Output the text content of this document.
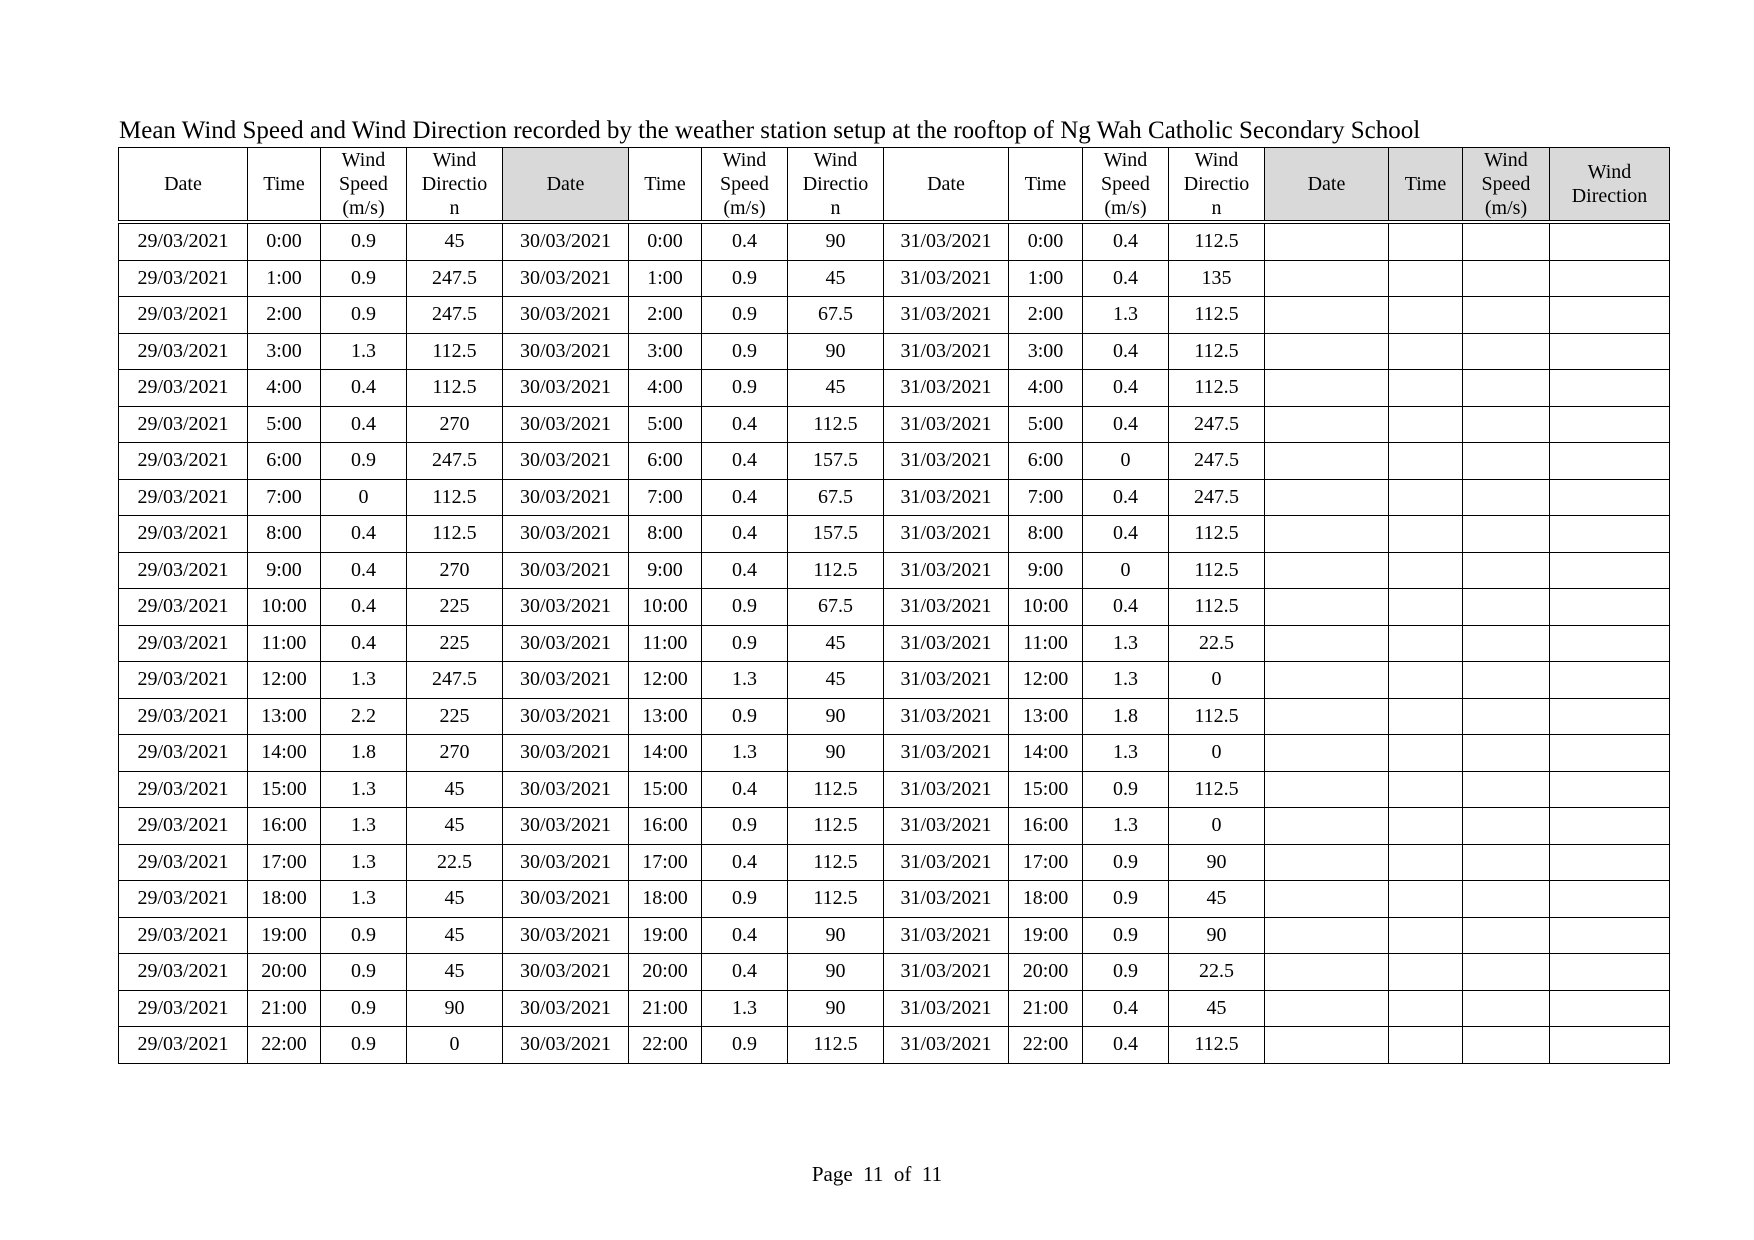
Mean Wind Speed and Wind Direction recorded by the weather station setup at the rooftop of Ng Wah Catholic Secondary School
Date	Time	Wind
Speed
(m/s)	Wind
Directio
n	Date	Time	Wind
Speed
(m/s)	Wind
Directio
n	Date	Time	Wind
Speed
(m/s)	Wind
Directio
n	Date	Time	Wind
Speed
(m/s)	Wind
Direction
29/03/2021	0:00	0.9	45	30/03/2021	0:00	0.4	90	31/03/2021	0:00	0.4	112.5				
29/03/2021	1:00	0.9	247.5	30/03/2021	1:00	0.9	45	31/03/2021	1:00	0.4	135				
29/03/2021	2:00	0.9	247.5	30/03/2021	2:00	0.9	67.5	31/03/2021	2:00	1.3	112.5				
29/03/2021	3:00	1.3	112.5	30/03/2021	3:00	0.9	90	31/03/2021	3:00	0.4	112.5				
29/03/2021	4:00	0.4	112.5	30/03/2021	4:00	0.9	45	31/03/2021	4:00	0.4	112.5				
29/03/2021	5:00	0.4	270	30/03/2021	5:00	0.4	112.5	31/03/2021	5:00	0.4	247.5				
29/03/2021	6:00	0.9	247.5	30/03/2021	6:00	0.4	157.5	31/03/2021	6:00	0	247.5				
29/03/2021	7:00	0	112.5	30/03/2021	7:00	0.4	67.5	31/03/2021	7:00	0.4	247.5				
29/03/2021	8:00	0.4	112.5	30/03/2021	8:00	0.4	157.5	31/03/2021	8:00	0.4	112.5				
29/03/2021	9:00	0.4	270	30/03/2021	9:00	0.4	112.5	31/03/2021	9:00	0	112.5				
29/03/2021	10:00	0.4	225	30/03/2021	10:00	0.9	67.5	31/03/2021	10:00	0.4	112.5				
29/03/2021	11:00	0.4	225	30/03/2021	11:00	0.9	45	31/03/2021	11:00	1.3	22.5				
29/03/2021	12:00	1.3	247.5	30/03/2021	12:00	1.3	45	31/03/2021	12:00	1.3	0				
29/03/2021	13:00	2.2	225	30/03/2021	13:00	0.9	90	31/03/2021	13:00	1.8	112.5				
29/03/2021	14:00	1.8	270	30/03/2021	14:00	1.3	90	31/03/2021	14:00	1.3	0				
29/03/2021	15:00	1.3	45	30/03/2021	15:00	0.4	112.5	31/03/2021	15:00	0.9	112.5				
29/03/2021	16:00	1.3	45	30/03/2021	16:00	0.9	112.5	31/03/2021	16:00	1.3	0				
29/03/2021	17:00	1.3	22.5	30/03/2021	17:00	0.4	112.5	31/03/2021	17:00	0.9	90				
29/03/2021	18:00	1.3	45	30/03/2021	18:00	0.9	112.5	31/03/2021	18:00	0.9	45				
29/03/2021	19:00	0.9	45	30/03/2021	19:00	0.4	90	31/03/2021	19:00	0.9	90				
29/03/2021	20:00	0.9	45	30/03/2021	20:00	0.4	90	31/03/2021	20:00	0.9	22.5				
29/03/2021	21:00	0.9	90	30/03/2021	21:00	1.3	90	31/03/2021	21:00	0.4	45				
29/03/2021	22:00	0.9	0	30/03/2021	22:00	0.9	112.5	31/03/2021	22:00	0.4	112.5				
Page 11 of 11
